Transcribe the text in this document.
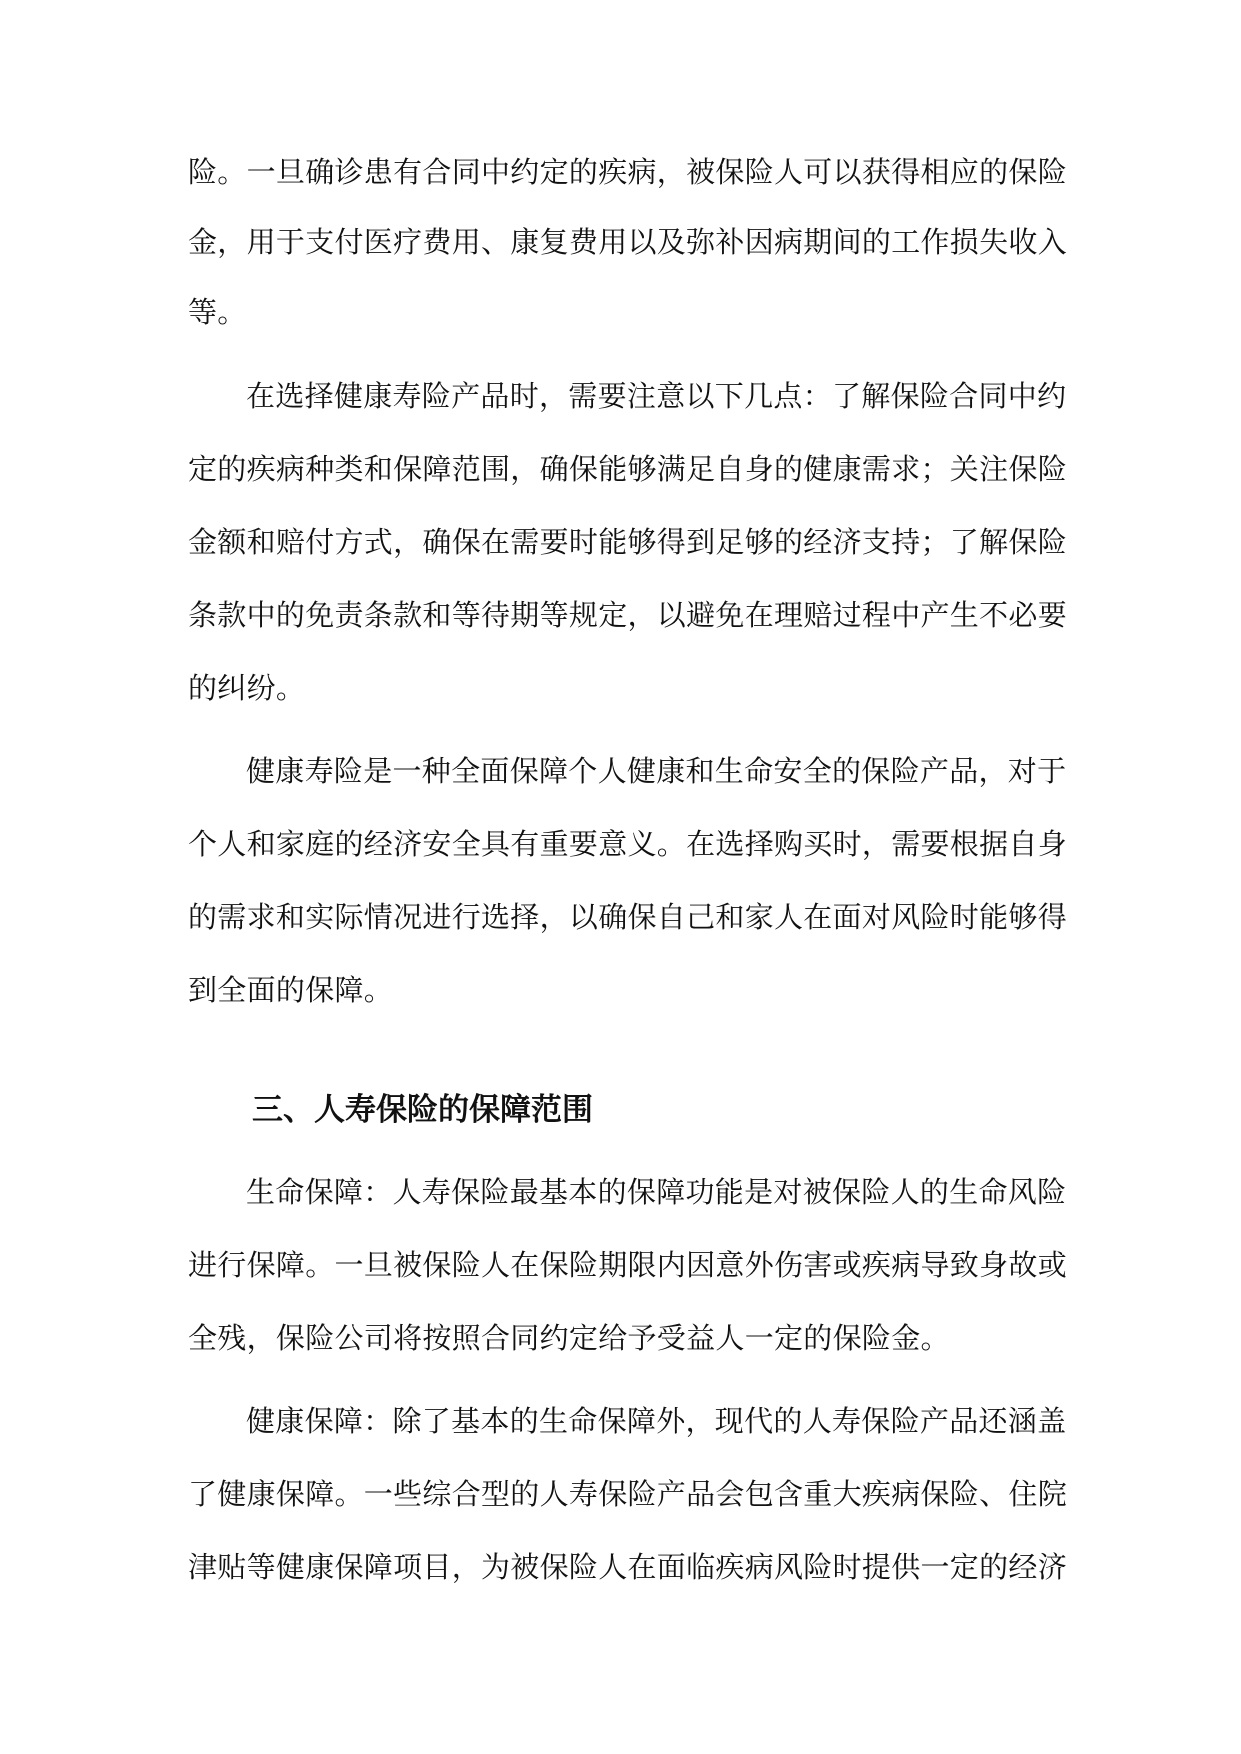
险。一旦确诊患有合同中约定的疾病，被保险人可以获得相应的保险
金，用于支付医疗费用、康复费用以及弥补因病期间的工作损失收入
等。
在选择健康寿险产品时，需要注意以下几点：了解保险合同中约
定的疾病种类和保障范围，确保能够满足自身的健康需求；关注保险
金额和赔付方式，确保在需要时能够得到足够的经济支持；了解保险
条款中的免责条款和等待期等规定，以避免在理赔过程中产生不必要
的纠纷。
健康寿险是一种全面保障个人健康和生命安全的保险产品，对于
个人和家庭的经济安全具有重要意义。在选择购买时，需要根据自身
的需求和实际情况进行选择，以确保自己和家人在面对风险时能够得
到全面的保障。
三、人寿保险的保障范围
生命保障：人寿保险最基本的保障功能是对被保险人的生命风险
进行保障。一旦被保险人在保险期限内因意外伤害或疾病导致身故或
全残，保险公司将按照合同约定给予受益人一定的保险金。
健康保障：除了基本的生命保障外，现代的人寿保险产品还涵盖
了健康保障。一些综合型的人寿保险产品会包含重大疾病保险、住院
津贴等健康保障项目，为被保险人在面临疾病风险时提供一定的经济
